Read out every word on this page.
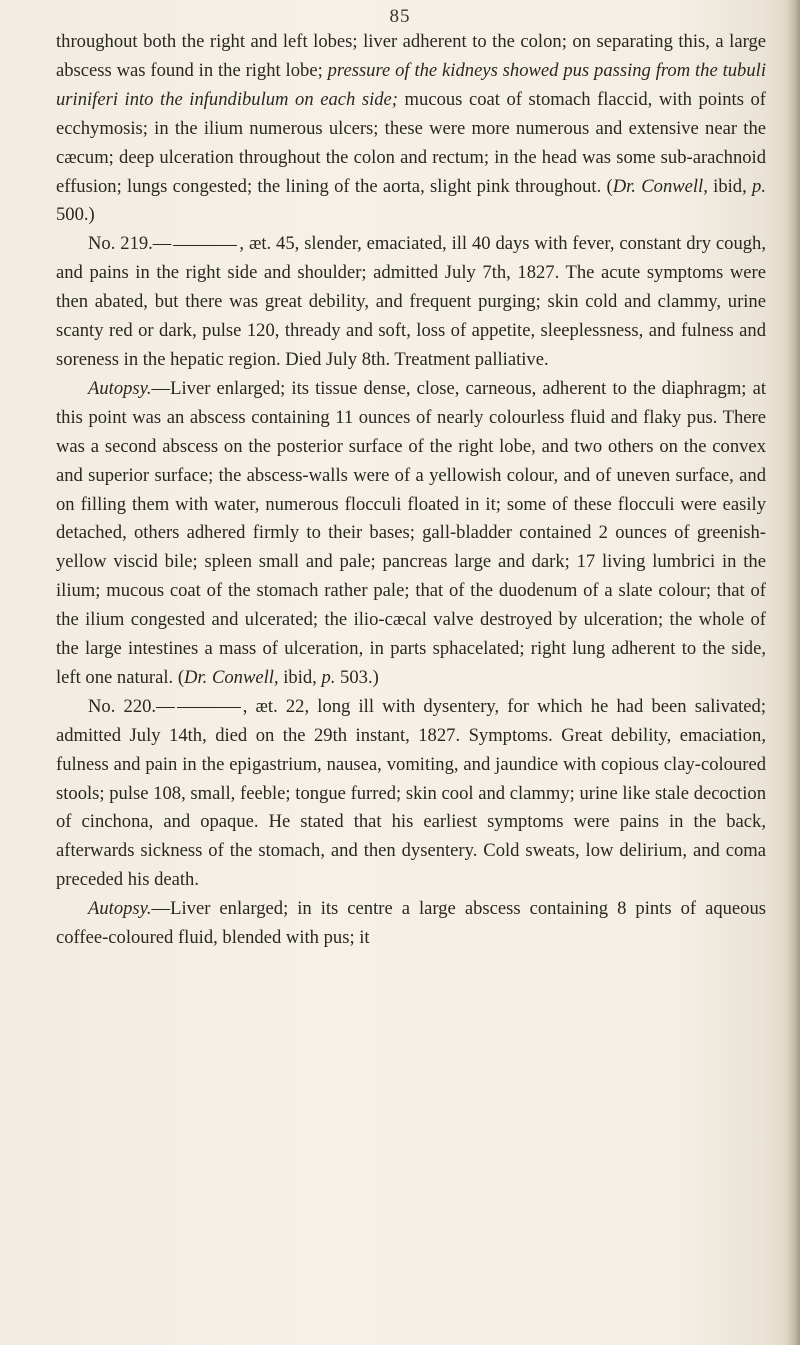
85

throughout both the right and left lobes; liver adherent to the colon; on separating this, a large abscess was found in the right lobe; pressure of the kidneys showed pus passing from the tubuli uriniferi into the infundibulum on each side; mucous coat of stomach flaccid, with points of ecchymosis; in the ilium numerous ulcers; these were more numerous and extensive near the cæcum; deep ulceration throughout the colon and rectum; in the head was some sub-arachnoid effusion; lungs congested; the lining of the aorta, slight pink throughout. (Dr. Conwell, ibid, p. 500.)

No. 219.—	, æt. 45, slender, emaciated, ill 40 days with fever, constant dry cough, and pains in the right side and shoulder; admitted July 7th, 1827. The acute symptoms were then abated, but there was great debility, and frequent purging; skin cold and clammy, urine scanty red or dark, pulse 120, thready and soft, loss of appetite, sleeplessness, and fulness and soreness in the hepatic region. Died July 8th. Treatment palliative.

Autopsy.—Liver enlarged; its tissue dense, close, carneous, adherent to the diaphragm; at this point was an abscess containing 11 ounces of nearly colourless fluid and flaky pus. There was a second abscess on the posterior surface of the right lobe, and two others on the convex and superior surface; the abscess-walls were of a yellowish colour, and of uneven surface, and on filling them with water, numerous flocculi floated in it; some of these flocculi were easily detached, others adhered firmly to their bases; gall-bladder contained 2 ounces of greenish-yellow viscid bile; spleen small and pale; pancreas large and dark; 17 living lumbrici in the ilium; mucous coat of the stomach rather pale; that of the duodenum of a slate colour; that of the ilium congested and ulcerated; the ilio-cæcal valve destroyed by ulceration; the whole of the large intestines a mass of ulceration, in parts sphacelated; right lung adherent to the side, left one natural. (Dr. Conwell, ibid, p. 503.)

No. 220.—	, æt. 22, long ill with dysentery, for which he had been salivated; admitted July 14th, died on the 29th instant, 1827. Symptoms. Great debility, emaciation, fulness and pain in the epigastrium, nausea, vomiting, and jaundice with copious clay-coloured stools; pulse 108, small, feeble; tongue furred; skin cool and clammy; urine like stale decoction of cinchona, and opaque. He stated that his earliest symptoms were pains in the back, afterwards sickness of the stomach, and then dysentery. Cold sweats, low delirium, and coma preceded his death.

Autopsy.—Liver enlarged; in its centre a large abscess containing 8 pints of aqueous coffee-coloured fluid, blended with pus; it
